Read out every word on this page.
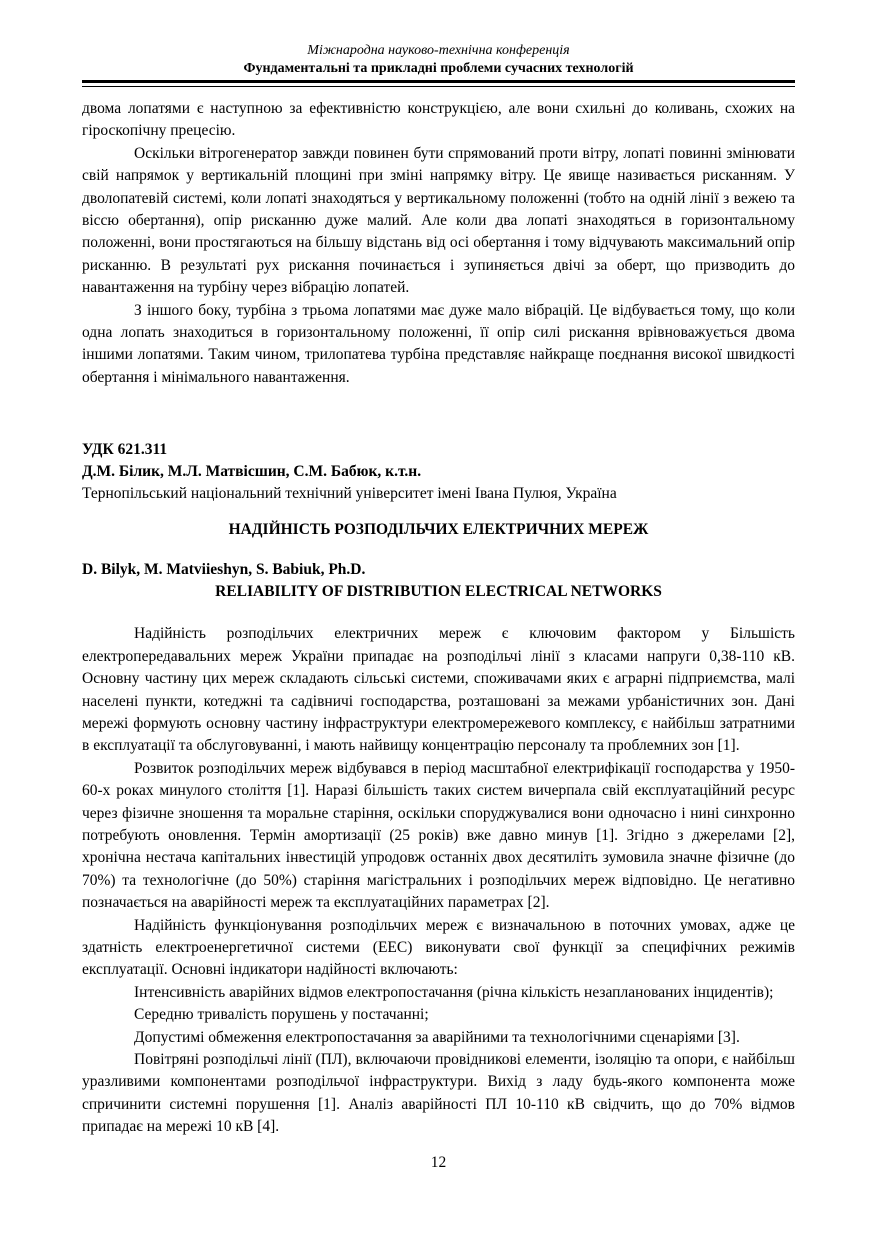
Міжнародна науково-технічна конференція
Фундаментальні та прикладні проблеми сучасних технологій

двома лопатями є наступною за ефективністю конструкцією, але вони схильні до коливань, схожих на гіроскопічну прецесію.

Оскільки вітрогенератор завжди повинен бути спрямований проти вітру, лопаті повинні змінювати свій напрямок у вертикальній площині при зміні напрямку вітру. Це явище називається рисканням. У дволопатевій системі, коли лопаті знаходяться у вертикальному положенні (тобто на одній лінії з вежею та віссю обертання), опір рисканню дуже малий. Але коли два лопаті знаходяться в горизонтальному положенні, вони простягаються на більшу відстань від осі обертання і тому відчувають максимальний опір рисканню. В результаті рух рискання починається і зупиняється двічі за оберт, що призводить до навантаження на турбіну через вібрацію лопатей.

З іншого боку, турбіна з трьома лопатями має дуже мало вібрацій. Це відбувається тому, що коли одна лопать знаходиться в горизонтальному положенні, її опір силі рискання врівноважується двома іншими лопатями. Таким чином, трилопатева турбіна представляє найкраще поєднання високої швидкості обертання і мінімального навантаження.

УДК 621.311
Д.М. Білик, М.Л. Матвісшин, С.М. Бабюк, к.т.н.
Тернопільський національний технічний університет імені Івана Пулюя, Україна
НАДІЙНІСТЬ РОЗПОДІЛЬЧИХ ЕЛЕКТРИЧНИХ МЕРЕЖ
D. Bilyk, M. Matviieshyn, S. Babiuk, Ph.D.
RELIABILITY OF DISTRIBUTION ELECTRICAL NETWORKS

Надійність розподільчих електричних мереж є ключовим фактором у Більшість електропередавальних мереж України припадає на розподільчі лінії з класами напруги 0,38-110 кВ. Основну частину цих мереж складають сільські системи, споживачами яких є аграрні підприємства, малі населені пункти, котеджні та садівничі господарства, розташовані за межами урбаністичних зон. Дані мережі формують основну частину інфраструктури електромережевого комплексу, є найбільш затратними в експлуатації та обслуговуванні, і мають найвищу концентрацію персоналу та проблемних зон [1].

Розвиток розподільчих мереж відбувався в період масштабної електрифікації господарства у 1950-60-х роках минулого століття [1]. Наразі більшість таких систем вичерпала свій експлуатаційний ресурс через фізичне зношення та моральне старіння, оскільки споруджувалися вони одночасно і нині синхронно потребують оновлення. Термін амортизації (25 років) вже давно минув [1]. Згідно з джерелами [2], хронічна нестача капітальних інвестицій упродовж останніх двох десятиліть зумовила значне фізичне (до 70%) та технологічне (до 50%) старіння магістральних і розподільчих мереж відповідно. Це негативно позначається на аварійності мереж та експлуатаційних параметрах [2].

Надійність функціонування розподільчих мереж є визначальною в поточних умовах, адже це здатність електроенергетичної системи (ЕЕС) виконувати свої функції за специфічних режимів експлуатації. Основні індикатори надійності включають:

Інтенсивність аварійних відмов електропостачання (річна кількість незапланованих інцидентів);

Середню тривалість порушень у постачанні;

Допустимі обмеження електропостачання за аварійними та технологічними сценаріями [3].

Повітряні розподільчі лінії (ПЛ), включаючи провідникові елементи, ізоляцію та опори, є найбільш уразливими компонентами розподільчої інфраструктури. Вихід з ладу будь-якого компонента може спричинити системні порушення [1]. Аналіз аварійності ПЛ 10-110 кВ свідчить, що до 70% відмов припадає на мережі 10 кВ [4].

12
